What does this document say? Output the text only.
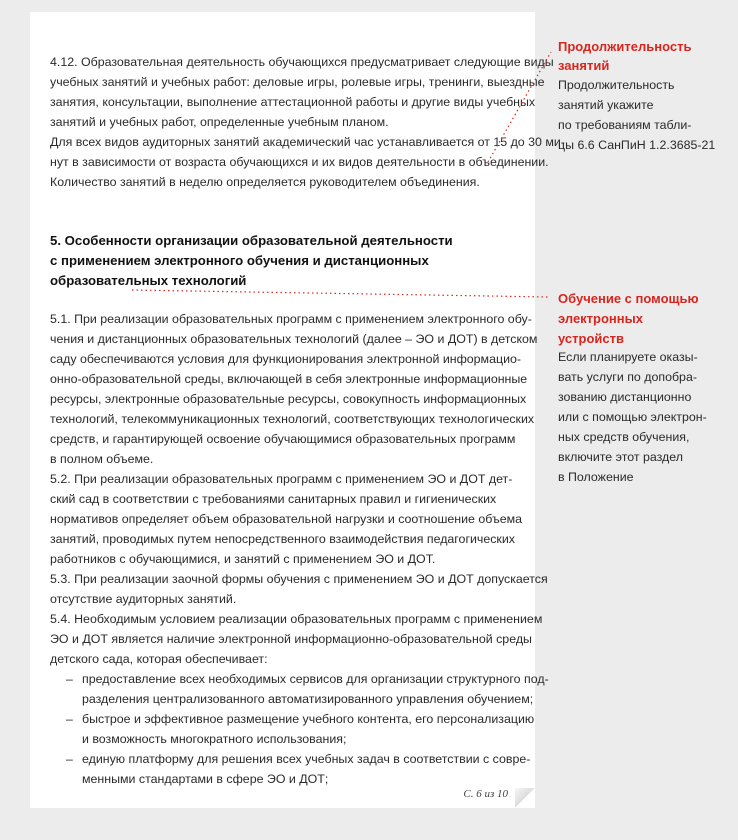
4.12. Образовательная деятельность обучающихся предусматривает следующие виды

учебных занятий и учебных работ: деловые игры, ролевые игры, тренинги, выездные

занятия, консультации, выполнение аттестационной работы и другие виды учебных

занятий и учебных работ, определенные учебным планом.

Для всех видов аудиторных занятий академический час устанавливается от 15 до 30 ми-

нут в зависимости от возраста обучающихся и их видов деятельности в объединении.

Количество занятий в неделю определяется руководителем объединения.

5. Особенности организации образовательной деятельности

с применением электронного обучения и дистанционных

образовательных технологий

5.1. При реализации образовательных программ с применением электронного обу-

чения и дистанционных образовательных технологий (далее – ЭО и ДОТ) в детском

саду обеспечиваются условия для функционирования электронной информацио-

онно-образовательной среды, включающей в себя электронные информационные

ресурсы, электронные образовательные ресурсы, совокупность информационных

технологий, телекоммуникационных технологий, соответствующих технологических

средств, и гарантирующей освоение обучающимися образовательных программ

в полном объеме.

5.2. При реализации образовательных программ с применением ЭО и ДОТ дет-

ский сад в соответствии с требованиями санитарных правил и гигиенических

нормативов определяет объем образовательной нагрузки и соотношение объема

занятий, проводимых путем непосредственного взаимодействия педагогических

работников с обучающимися, и занятий с применением ЭО и ДОТ.

5.3. При реализации заочной формы обучения с применением ЭО и ДОТ допускается

отсутствие аудиторных занятий.

5.4. Необходимым условием реализации образовательных программ с применением

ЭО и ДОТ является наличие электронной информационно-образовательной среды

детского сада, которая обеспечивает:

– предоставление всех необходимых сервисов для организации структурного под-

разделения централизованного автоматизированного управления обучением;

– быстрое и эффективное размещение учебного контента, его персонализацию

и возможность многократного использования;

– единую платформу для решения всех учебных задач в соответствии с совре-

менными стандартами в сфере ЭО и ДОТ;

С. 6 из 10

Продолжительность

занятий

Продолжительность

занятий укажите

по требованиям табли-

цы 6.6 СанПиН 1.2.3685-21

Обучение с помощью

электронных

устройств

Если планируете оказы-

вать услуги по допобра-

зованию дистанционно

или с помощью электрон-

ных средств обучения,

включите этот раздел

в Положение
